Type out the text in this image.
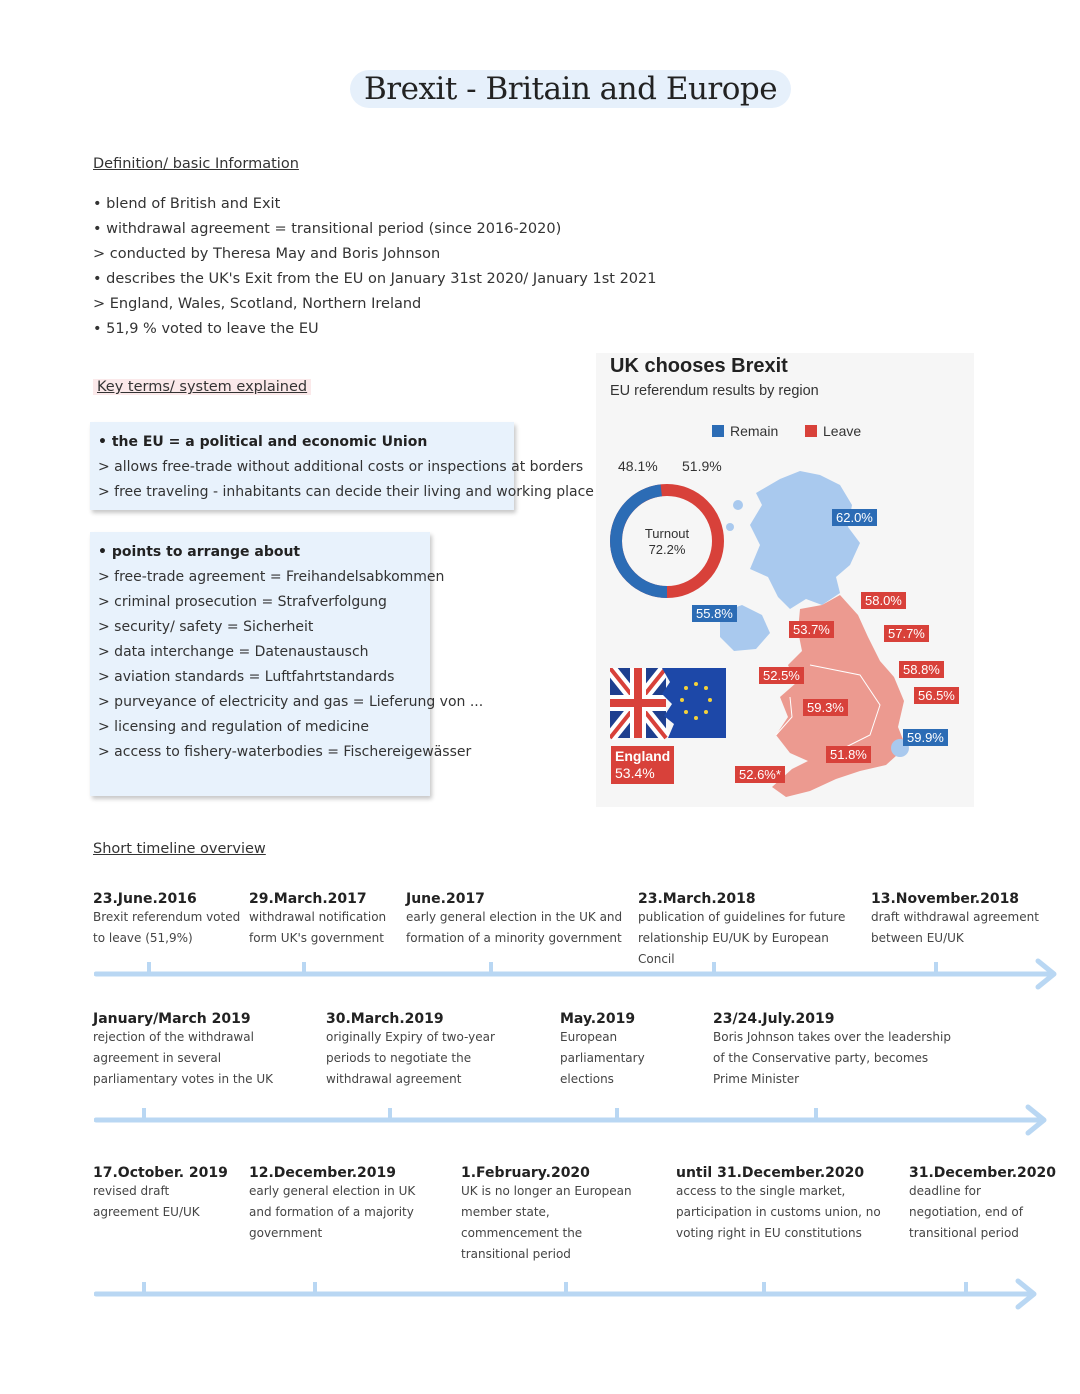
Brexit - Britain and Europe
Definition/ basic Information
• blend of British and Exit
• withdrawal agreement = transitional period (since 2016-2020)
> conducted by Theresa May and Boris Johnson
• describes the UK's Exit from the EU on January 31st 2020/ January 1st 2021
> England, Wales, Scotland, Northern Ireland
• 51,9 % voted to leave the EU
Key terms/ system explained
• the EU = a political and economic Union
> allows free-trade without additional costs or inspections at borders
> free traveling - inhabitants can decide their living and working place
• points to arrange about
> free-trade agreement = Freihandelsabkommen
> criminal prosecution = Strafverfolgung
> security/ safety = Sicherheit
> data interchange = Datenaustausch
> aviation standards = Luftfahrtstandards
> purveyance of electricity and gas = Lieferung von ...
> licensing and regulation of medicine
> access to fishery-waterbodies = Fischereigewässer
UK chooses Brexit
EU referendum results by region
Remain	Leave
48.1% 51.9%
Turnout
72.2%
England
53.4%
62.0%
55.8%
58.0%
53.7%	57.7%
58.8%
52.5%
56.5%
59.3%
59.9%
51.8%
52.6%*
Short timeline overview
23.June.2016
Brexit referendum voted to leave (51,9%)
29.March.2017
withdrawal notification form UK's government
June.2017
early general election in the UK and formation of a minority government
23.March.2018
publication of guidelines for future relationship EU/UK by European Concil
13.November.2018
draft withdrawal agreement between EU/UK
January/March 2019
rejection of the withdrawal agreement in several parliamentary votes in the UK
30.March.2019
originally Expiry of two-year periods to negotiate the withdrawal agreement
May.2019
European parliamentary elections
23/24.July.2019
Boris Johnson takes over the leadership of the Conservative party, becomes Prime Minister
17.October. 2019
revised draft agreement EU/UK
12.December.2019
early general election in UK and formation of a majority government
1.February.2020
UK is no longer an European member state, commencement the transitional period
until 31.December.2020
access to the single market, participation in customs union, no voting right in EU constitutions
31.December.2020
deadline for negotiation, end of transitional period
